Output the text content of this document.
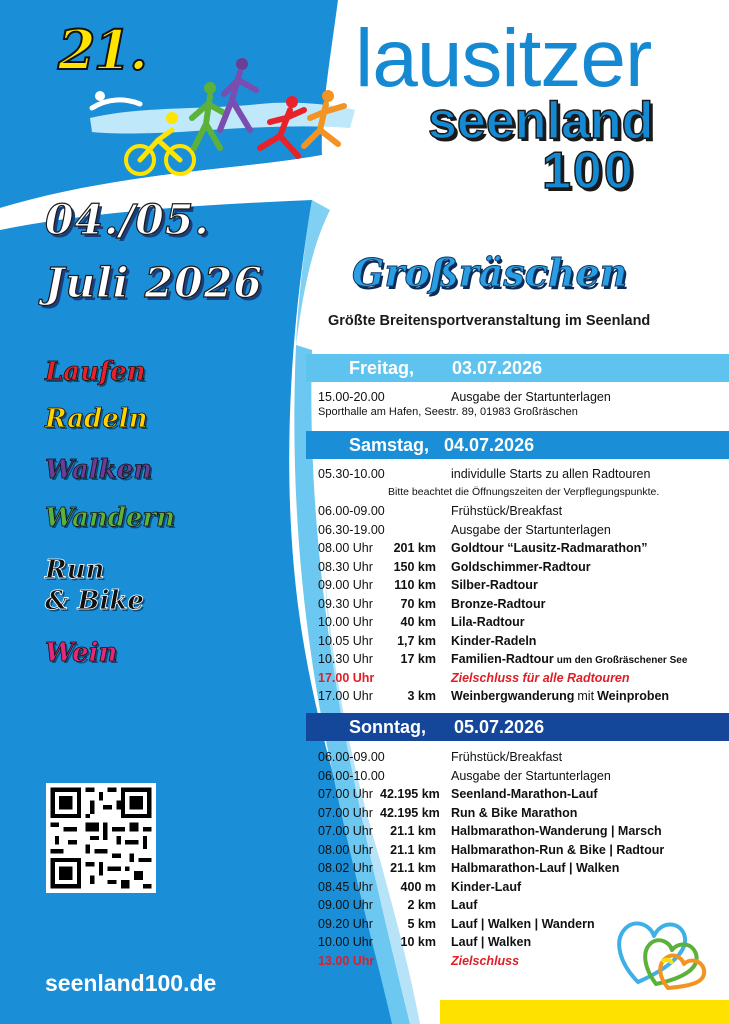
21.
04./05.
Juli 2026
Laufen
Radeln
Walken
Wandern
Run
& Bike
Wein
seenland100.de
lausitzer
seenland
100
Großräschen
Größte Breitensportveranstaltung im Seenland
Freitag, 03.07.2026
15.00-20.00	Ausgabe der Startunterlagen
Sporthalle am Hafen, Seestr. 89, 01983 Großräschen
Samstag, 04.07.2026
05.30-10.00	individulle Starts zu allen Radtouren
Bitte beachtet die Öffnungszeiten der Verpflegungspunkte.
06.00-09.00	Frühstück/Breakfast
06.30-19.00	Ausgabe der Startunterlagen
08.00 Uhr	201 km Goldtour “Lausitz-Radmarathon”
08.30 Uhr	150 km Goldschimmer-Radtour
09.00 Uhr	110 km Silber-Radtour
09.30 Uhr	70 km Bronze-Radtour
10.00 Uhr	40 km Lila-Radtour
10.05 Uhr	1,7 km Kinder-Radeln
10.30 Uhr	17 km Familien-Radtour um den Großräschener See
17.00 Uhr	Zielschluss für alle Radtouren
17.00 Uhr	3 km Weinbergwanderung mit Weinproben
Sonntag, 05.07.2026
06.00-09.00	Frühstück/Breakfast
06.00-10.00	Ausgabe der Startunterlagen
07.00 Uhr 42.195 km Seenland-Marathon-Lauf
07.00 Uhr 42.195 km Run & Bike Marathon
07.00 Uhr	21.1 km Halbmarathon-Wanderung | Marsch
08.00 Uhr	21.1 km Halbmarathon-Run & Bike | Radtour
08.02 Uhr	21.1 km Halbmarathon-Lauf | Walken
08.45 Uhr	400 m Kinder-Lauf
09.00 Uhr	2 km Lauf
09.20 Uhr	5 km Lauf | Walken | Wandern
10.00 Uhr	10 km Lauf | Walken
13.00 Uhr	Zielschluss
